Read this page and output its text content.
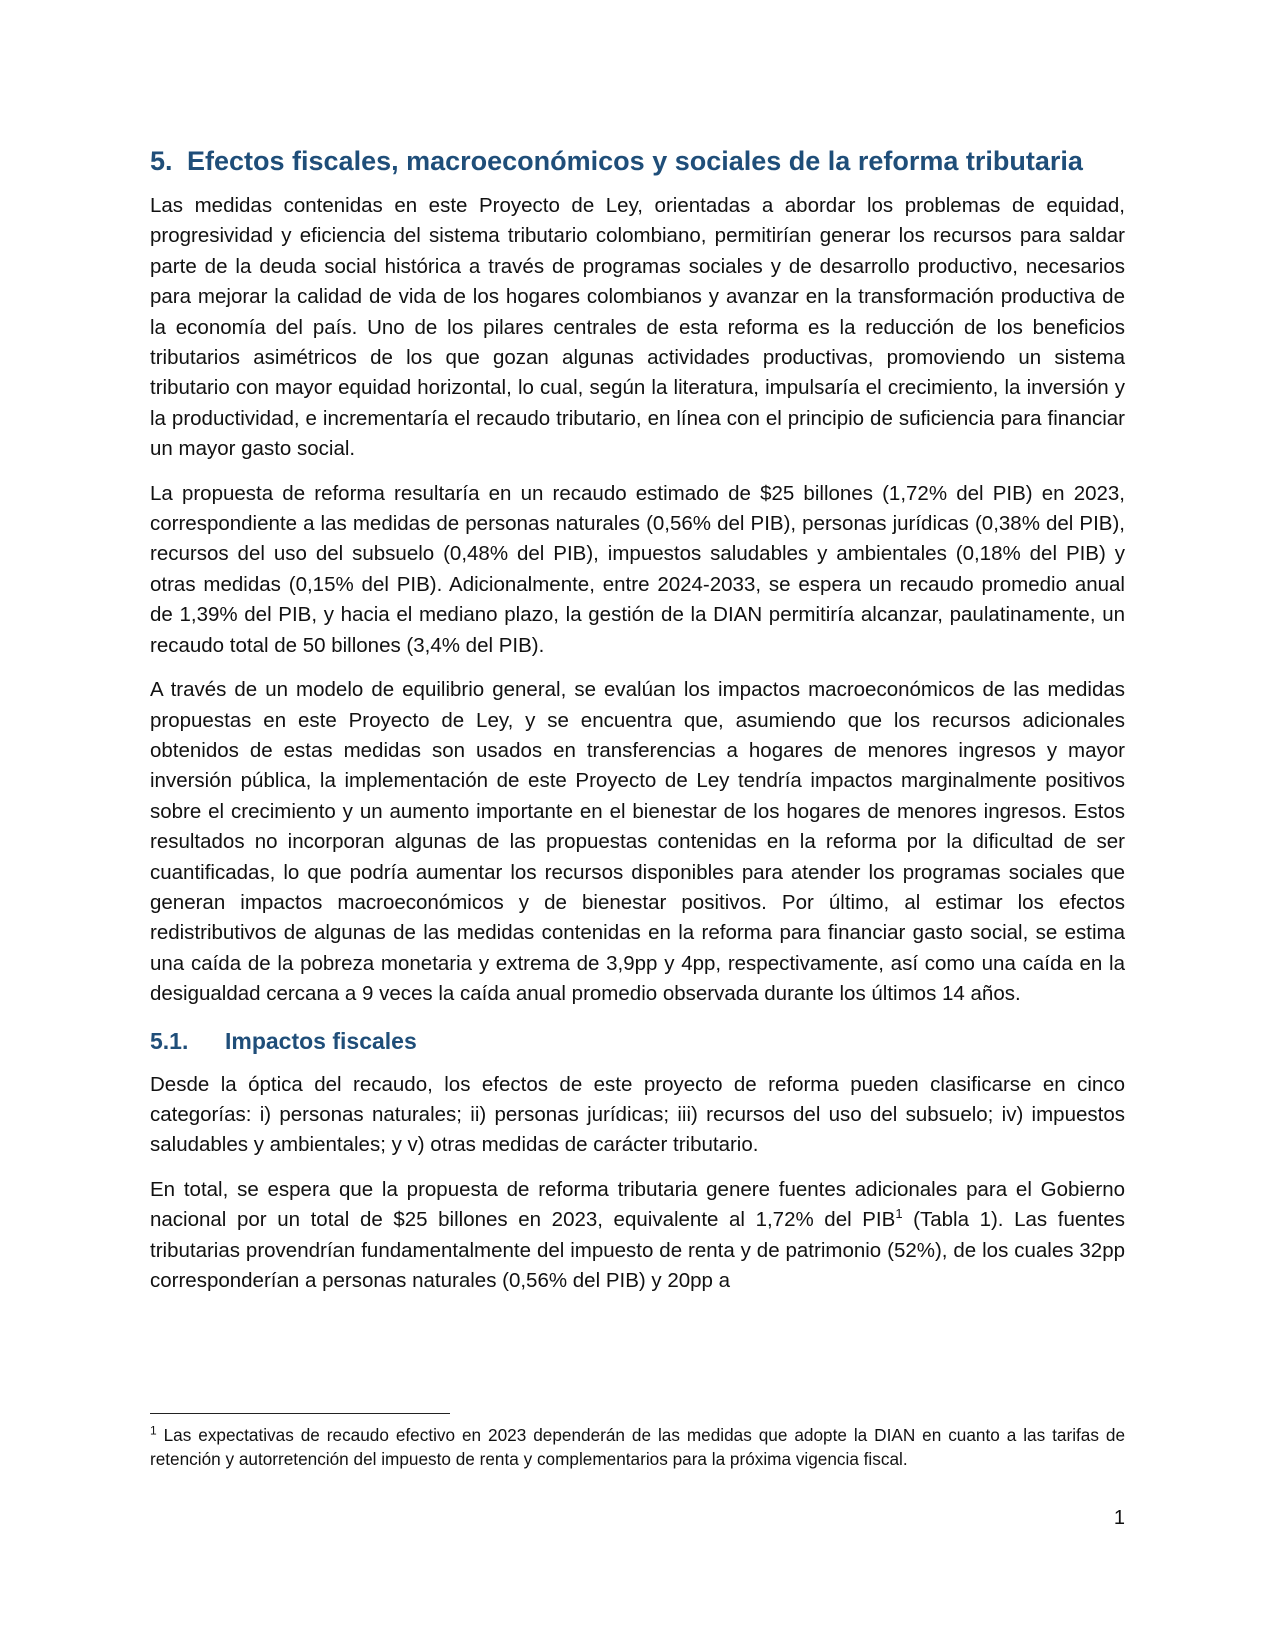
5. Efectos fiscales, macroeconómicos y sociales de la reforma tributaria

Las medidas contenidas en este Proyecto de Ley, orientadas a abordar los problemas de equidad, progresividad y eficiencia del sistema tributario colombiano, permitirían generar los recursos para saldar parte de la deuda social histórica a través de programas sociales y de desarrollo productivo, necesarios para mejorar la calidad de vida de los hogares colombianos y avanzar en la transformación productiva de la economía del país. Uno de los pilares centrales de esta reforma es la reducción de los beneficios tributarios asimétricos de los que gozan algunas actividades productivas, promoviendo un sistema tributario con mayor equidad horizontal, lo cual, según la literatura, impulsaría el crecimiento, la inversión y la productividad, e incrementaría el recaudo tributario, en línea con el principio de suficiencia para financiar un mayor gasto social.

La propuesta de reforma resultaría en un recaudo estimado de $25 billones (1,72% del PIB) en 2023, correspondiente a las medidas de personas naturales (0,56% del PIB), personas jurídicas (0,38% del PIB), recursos del uso del subsuelo (0,48% del PIB), impuestos saludables y ambientales (0,18% del PIB) y otras medidas (0,15% del PIB). Adicionalmente, entre 2024-2033, se espera un recaudo promedio anual de 1,39% del PIB, y hacia el mediano plazo, la gestión de la DIAN permitiría alcanzar, paulatinamente, un recaudo total de 50 billones (3,4% del PIB).

A través de un modelo de equilibrio general, se evalúan los impactos macroeconómicos de las medidas propuestas en este Proyecto de Ley, y se encuentra que, asumiendo que los recursos adicionales obtenidos de estas medidas son usados en transferencias a hogares de menores ingresos y mayor inversión pública, la implementación de este Proyecto de Ley tendría impactos marginalmente positivos sobre el crecimiento y un aumento importante en el bienestar de los hogares de menores ingresos. Estos resultados no incorporan algunas de las propuestas contenidas en la reforma por la dificultad de ser cuantificadas, lo que podría aumentar los recursos disponibles para atender los programas sociales que generan impactos macroeconómicos y de bienestar positivos. Por último, al estimar los efectos redistributivos de algunas de las medidas contenidas en la reforma para financiar gasto social, se estima una caída de la pobreza monetaria y extrema de 3,9pp y 4pp, respectivamente, así como una caída en la desigualdad cercana a 9 veces la caída anual promedio observada durante los últimos 14 años.

5.1.	Impactos fiscales

Desde la óptica del recaudo, los efectos de este proyecto de reforma pueden clasificarse en cinco categorías: i) personas naturales; ii) personas jurídicas; iii) recursos del uso del subsuelo; iv) impuestos saludables y ambientales; y v) otras medidas de carácter tributario.

En total, se espera que la propuesta de reforma tributaria genere fuentes adicionales para el Gobierno nacional por un total de $25 billones en 2023, equivalente al 1,72% del PIB$^1$ (Tabla 1). Las fuentes tributarias provendrían fundamentalmente del impuesto de renta y de patrimonio (52%), de los cuales 32pp corresponderían a personas naturales (0,56% del PIB) y 20pp a

$^1$ Las expectativas de recaudo efectivo en 2023 dependerán de las medidas que adopte la DIAN en cuanto a las tarifas de retención y autorretención del impuesto de renta y complementarios para la próxima vigencia fiscal.
1
